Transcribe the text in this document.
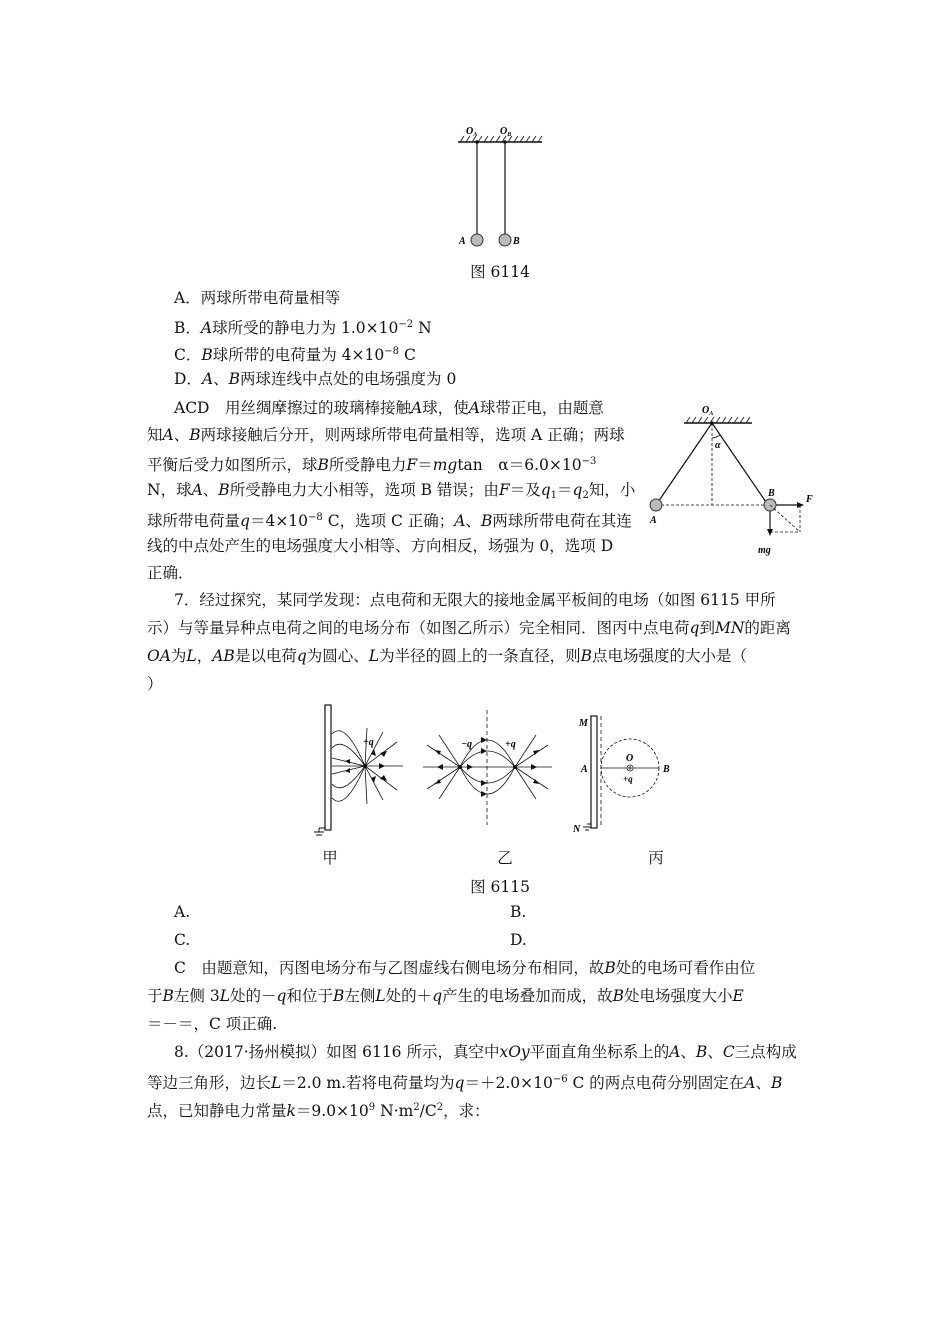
$O_A$ $O_B$
A	B
图 6114
A．两球所带电荷量相等
B．A球所受的静电力为 $1.0\times 10^{-2}$ N
C．B球所带的电荷量为 $4\times 10^{-8}$ C
D．A、B两球连线中点处的电场强度为 0
ACD　用丝绸摩擦过的玻璃棒接触A球，使A球带正电，由题意
知A、B两球接触后分开，则两球所带电荷量相等，选项 A 正确；两球
平衡后受力如图所示，球B所受静电力F＝mgtan　$\alpha=6.0\times 10^{-3}$
N，球A、B所受静电力大小相等，选项 B 错误；由F＝及$q_1=q_2$知，小
球所带电荷量$q=4\times 10^{-8}$ C，选项 C 正确；A、B两球所带电荷在其连
线的中点处产生的电场强度大小相等、方向相反，场强为 0，选项 D
正确．
$O_A$
α
A
B
F
mg
7．经过探究，某同学发现：点电荷和无限大的接地金属平板间的电场（如图 6115 甲所
示）与等量异种点电荷之间的电场分布（如图乙所示）完全相同．图丙中点电荷q到MN的距离
OA为L，AB是以电荷q为圆心、L为半径的圆上的一条直径，则B点电场强度的大小是（
）
+q	−q	+q
M
N
A
O
+q
B
甲	乙	丙
图 6115
A.	B.
C.	D.
C　由题意知，丙图电场分布与乙图虚线右侧电场分布相同，故B处的电场可看作由位
于B左侧 3L处的－q和位于B左侧L处的＋q产生的电场叠加而成，故B处电场强度大小E
＝－＝，C 项正确.
8.（2017·扬州模拟）如图 6116 所示，真空中xOy平面直角坐标系上的A、B、C三点构成
等边三角形，边长L＝2.0 m.若将电荷量均为$q=+2.0\times 10^{-6}$ C 的两点电荷分别固定在A、B
点，已知静电力常量$k=9.0\times 10^9$ $N\cdot m^2/C^2$，求：
